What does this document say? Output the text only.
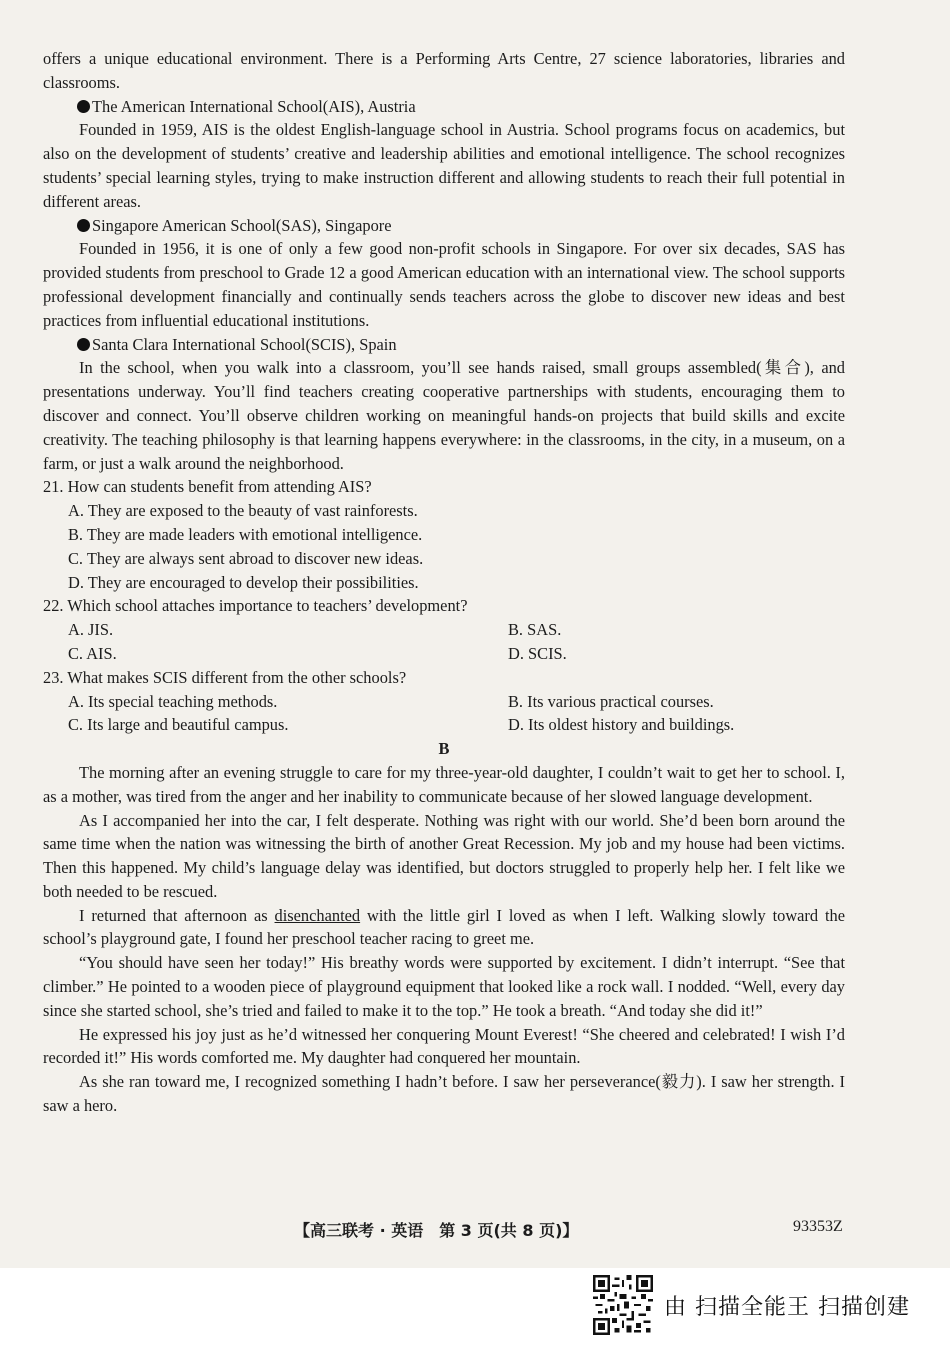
offers a unique educational environment. There is a Performing Arts Centre, 27 science laboratories, libraries and classrooms.

The American International School(AIS), Austria

Founded in 1959, AIS is the oldest English-language school in Austria. School programs focus on academics, but also on the development of students’ creative and leadership abilities and emotional intelligence. The school recognizes students’ special learning styles, trying to make instruction different and allowing students to reach their full potential in different areas.

Singapore American School(SAS), Singapore

Founded in 1956, it is one of only a few good non-profit schools in Singapore. For over six decades, SAS has provided students from preschool to Grade 12 a good American education with an international view. The school supports professional development financially and continually sends teachers across the globe to discover new ideas and best practices from influential educational institutions.

Santa Clara International School(SCIS), Spain

In the school, when you walk into a classroom, you’ll see hands raised, small groups assembled(集合), and presentations underway. You’ll find teachers creating cooperative partnerships with students, encouraging them to discover and connect. You’ll observe children working on meaningful hands-on projects that build skills and excite creativity. The teaching philosophy is that learning happens everywhere: in the classrooms, in the city, in a museum, on a farm, or just a walk around the neighborhood.

21. How can students benefit from attending AIS?

A. They are exposed to the beauty of vast rainforests.

B. They are made leaders with emotional intelligence.

C. They are always sent abroad to discover new ideas.

D. They are encouraged to develop their possibilities.

22. Which school attaches importance to teachers’ development?

A. JIS.	B. SAS.
C. AIS.	D. SCIS.

23. What makes SCIS different from the other schools?

A. Its special teaching methods.	B. Its various practical courses.
C. Its large and beautiful campus.	D. Its oldest history and buildings.

B

The morning after an evening struggle to care for my three-year-old daughter, I couldn’t wait to get her to school. I, as a mother, was tired from the anger and her inability to communicate because of her slowed language development.

As I accompanied her into the car, I felt desperate. Nothing was right with our world. She’d been born around the same time when the nation was witnessing the birth of another Great Recession. My job and my house had been victims. Then this happened. My child’s language delay was identified, but doctors struggled to properly help her. I felt like we both needed to be rescued.

I returned that afternoon as disenchanted with the little girl I loved as when I left. Walking slowly toward the school’s playground gate, I found her preschool teacher racing to greet me.

“You should have seen her today!” His breathy words were supported by excitement. I didn’t interrupt. “See that climber.” He pointed to a wooden piece of playground equipment that looked like a rock wall. I nodded. “Well, every day since she started school, she’s tried and failed to make it to the top.” He took a breath. “And today she did it!”

He expressed his joy just as he’d witnessed her conquering Mount Everest! “She cheered and celebrated! I wish I’d recorded it!” His words comforted me. My daughter had conquered her mountain.

As she ran toward me, I recognized something I hadn’t before. I saw her perseverance(毅力). I saw her strength. I saw a hero.

【高三联考 · 英语　第 3 页(共 8 页)】	93353Z
由 扫描全能王 扫描创建
